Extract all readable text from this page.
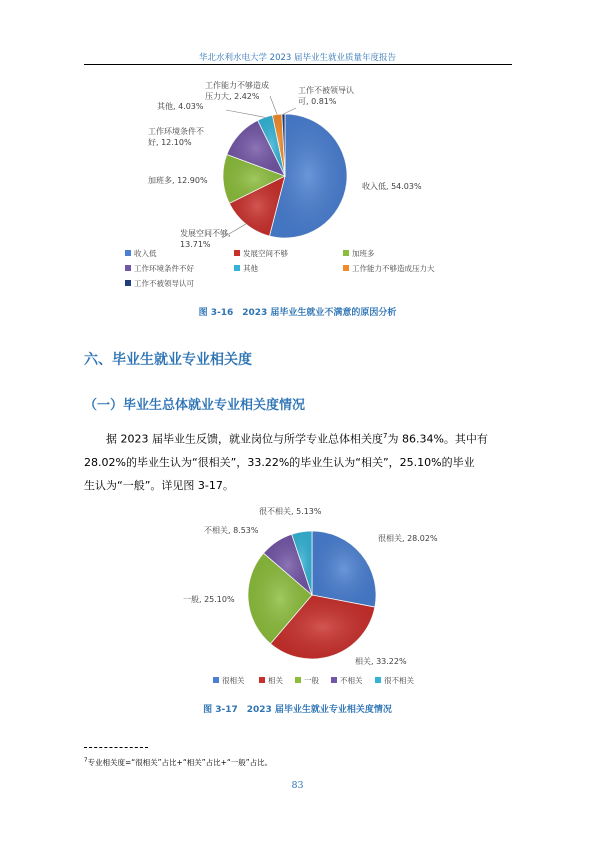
华北水利水电大学 2023 届毕业生就业质量年度报告
收入低, 54.03%
发展空间不够,
13.71%
加班多, 12.90%
工作环境条件不
好, 12.10%
其他, 4.03%
工作能力不够造成
压力大, 2.42%
工作不被领导认
可, 0.81%
收入低	发展空间不够	加班多
工作环境条件不好	其他	工作能力不够造成压力大
工作不被领导认可
图 3-16　2023 届毕业生就业不满意的原因分析
六、毕业生就业专业相关度
（一）毕业生总体就业专业相关度情况

据 2023 届毕业生反馈，就业岗位与所学专业总体相关度$^7$为 86.34%。其中有

28.02%的毕业生认为“很相关”，33.22%的毕业生认为“相关”，25.10%的毕业

生认为“一般”。详见图 3-17。

很相关, 28.02%
相关, 33.22%
一般, 25.10%
不相关, 8.53%
很不相关, 5.13%
很相关	相关	一般	不相关	很不相关
图 3-17　2023 届毕业生就业专业相关度情况
$^7$专业相关度=“很相关”占比+“相关”占比+“一般”占比。
83
